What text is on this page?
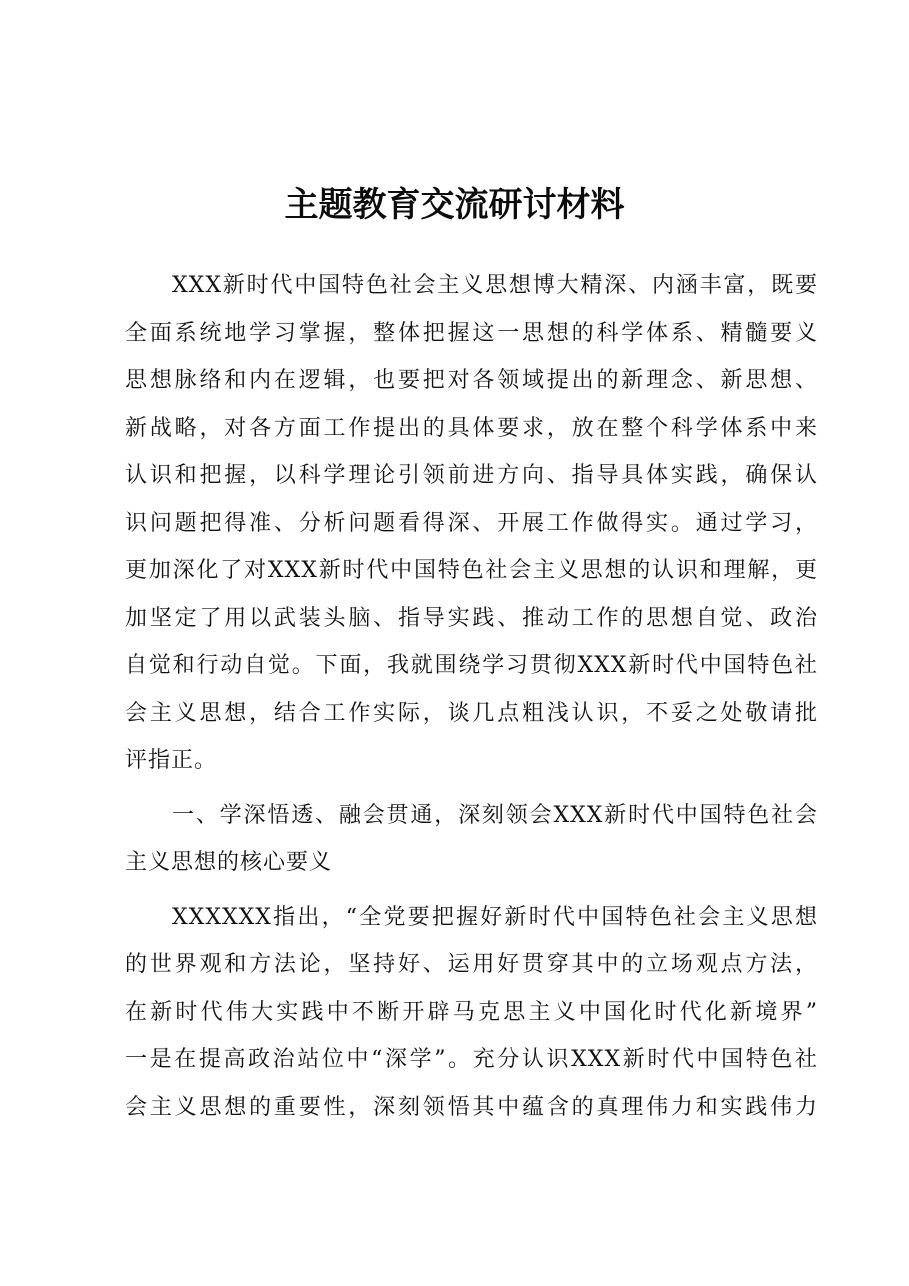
主题教育交流研讨材料
XXX新时代中国特色社会主义思想博大精深、内涵丰富，既要
全面系统地学习掌握，整体把握这一思想的科学体系、精髓要义
思想脉络和内在逻辑，也要把对各领域提出的新理念、新思想、
新战略，对各方面工作提出的具体要求，放在整个科学体系中来
认识和把握，以科学理论引领前进方向、指导具体实践，确保认
识问题把得准、分析问题看得深、开展工作做得实。通过学习，
更加深化了对XXX新时代中国特色社会主义思想的认识和理解，更
加坚定了用以武装头脑、指导实践、推动工作的思想自觉、政治
自觉和行动自觉。下面，我就围绕学习贯彻XXX新时代中国特色社
会主义思想，结合工作实际，谈几点粗浅认识，不妥之处敬请批
评指正。
一、学深悟透、融会贯通，深刻领会XXX新时代中国特色社会
主义思想的核心要义
XXXXXX指出，“全党要把握好新时代中国特色社会主义思想
的世界观和方法论，坚持好、运用好贯穿其中的立场观点方法，
在新时代伟大实践中不断开辟马克思主义中国化时代化新境界”
一是在提高政治站位中“深学”。充分认识XXX新时代中国特色社
会主义思想的重要性，深刻领悟其中蕴含的真理伟力和实践伟力
